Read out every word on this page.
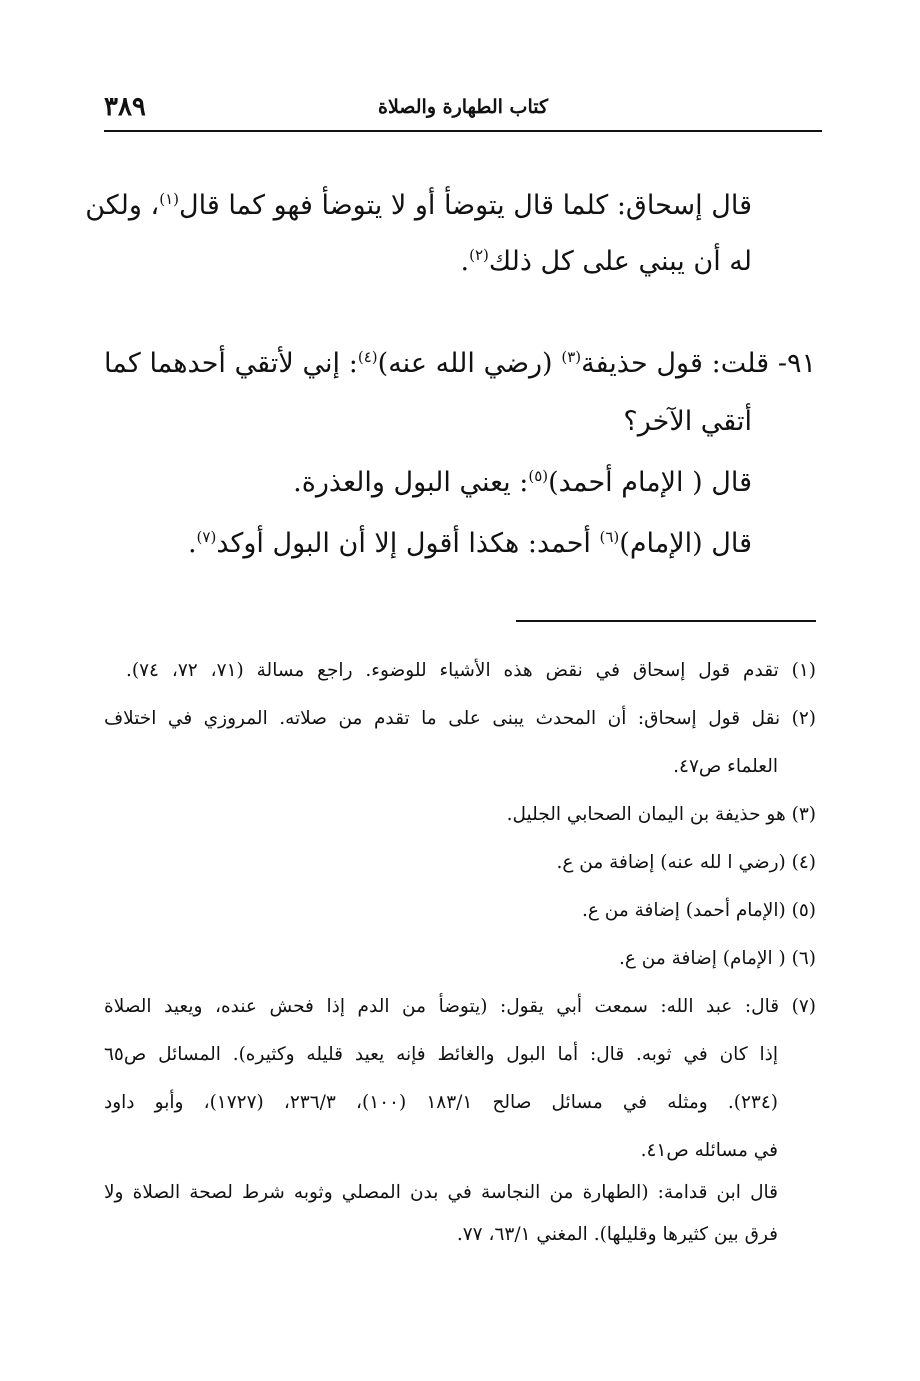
٣٨٩	كتاب الطهارة والصلاة
قال إسحاق: كلما قال يتوضأ أو لا يتوضأ فهو كما قال$^{(١)}$، ولكن
له أن يبني على كل ذلك$^{(٢)}$.
٩١- قلت: قول حذيفة$^{(٣)}$ (رضي الله عنه)$^{(٤)}$: إني لأتقي أحدهما كما
أتقي الآخر؟
قال ( الإمام أحمد)$^{(٥)}$: يعني البول والعذرة.
قال (الإمام)$^{(٦)}$ أحمد: هكذا أقول إلا أن البول أوكد$^{(٧)}$.
(١) تقدم قول إسحاق في نقض هذه الأشياء للوضوء. راجع مسالة (٧١، ٧٢، ٧٤).
(٢) نقل قول إسحاق: أن المحدث يبنى على ما تقدم من صلاته. المروزي في اختلاف
العلماء ص٤٧.
(٣) هو حذيفة بن اليمان الصحابي الجليل.
(٤) (رضي ا لله عنه) إضافة من ع.
(٥) (الإمام أحمد) إضافة من ع.
(٦) ( الإمام) إضافة من ع.
(٧) قال: عبد الله: سمعت أبي يقول: (يتوضأ من الدم إذا فحش عنده، ويعيد الصلاة
إذا كان في ثوبه. قال: أما البول والغائط فإنه يعيد قليله وكثيره). المسائل ص٦٥
(٢٣٤). ومثله في مسائل صالح ١٨٣/١ (١٠٠)، ٢٣٦/٣، (١٧٢٧)، وأبو داود
في مسائله ص٤١.
قال ابن قدامة: (الطهارة من النجاسة في بدن المصلي وثوبه شرط لصحة الصلاة ولا
فرق بين كثيرها وقليلها). المغني ٦٣/١، ٧٧.
